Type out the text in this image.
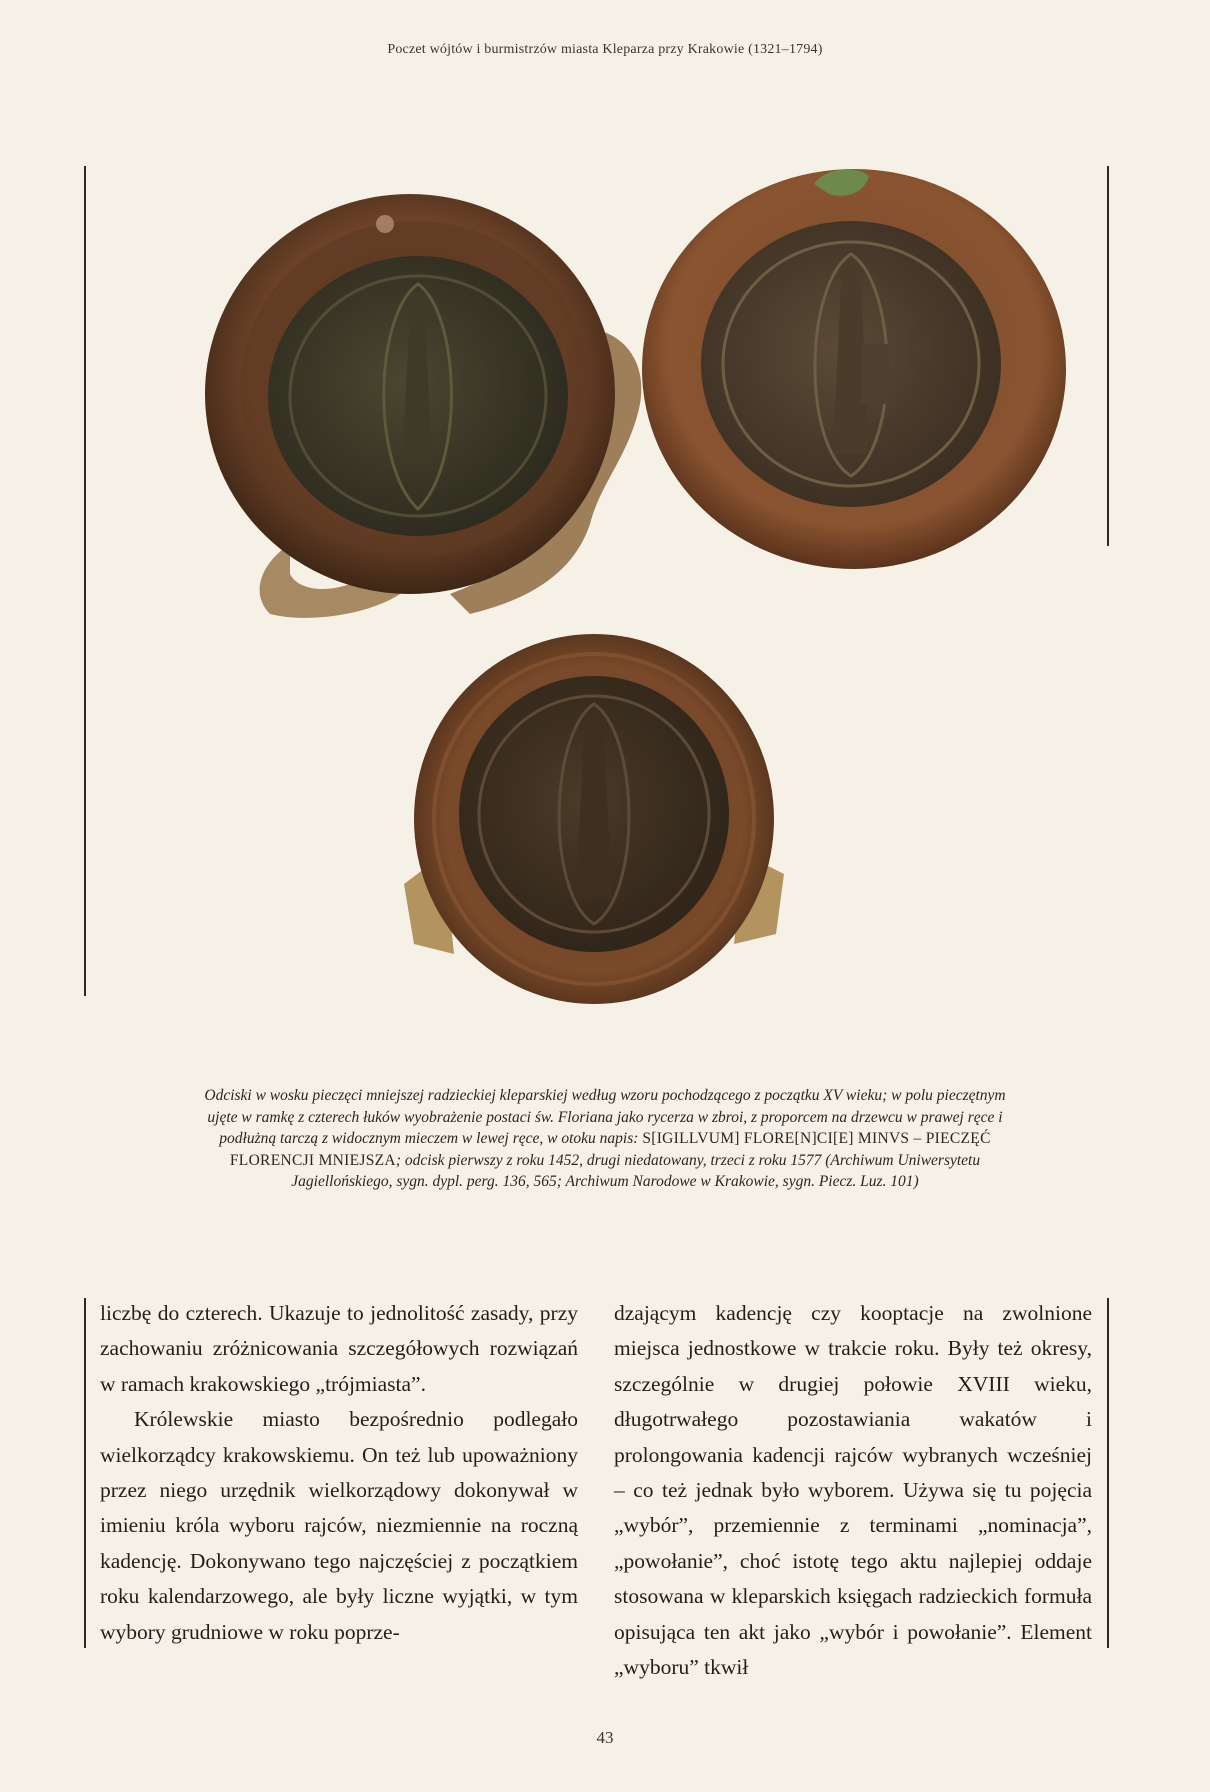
Poczet wójtów i burmistrzów miasta Kleparza przy Krakowie (1321–1794)
Odciski w wosku pieczęci mniejszej radzieckiej kleparskiej według wzoru pochodzącego z początku XV wieku; w polu pieczętnym ujęte w ramkę z czterech łuków wyobrażenie postaci św. Floriana jako rycerza w zbroi, z proporcem na drzewcu w prawej ręce i podłużną tarczą z widocznym mieczem w lewej ręce, w otoku napis: S[IGILLVUM] FLORE[N]CI[E] MINVS – PIECZĘĆ FLORENCJI MNIEJSZA; odcisk pierwszy z roku 1452, drugi niedatowany, trzeci z roku 1577 (Archiwum Uniwersytetu Jagiellońskiego, sygn. dypl. perg. 136, 565; Archiwum Narodowe w Krakowie, sygn. Piecz. Luz. 101)

liczbę do czterech. Ukazuje to jednolitość zasady, przy zachowaniu zróżnicowania szczegółowych rozwiązań w ramach krakowskiego „trójmiasta”.

Królewskie miasto bezpośrednio podlegało wielkorządcy krakowskiemu. On też lub upoważniony przez niego urzędnik wielkorządowy dokonywał w imieniu króla wyboru rajców, niezmiennie na roczną kadencję. Dokonywano tego najczęściej z początkiem roku kalendarzowego, ale były liczne wyjątki, w tym wybory grudniowe w roku poprze-

dzającym kadencję czy kooptacje na zwolnione miejsca jednostkowe w trakcie roku. Były też okresy, szczególnie w drugiej połowie XVIII wieku, długotrwałego pozostawiania wakatów i prolongowania kadencji rajców wybranych wcześniej – co też jednak było wyborem. Używa się tu pojęcia „wybór”, przemiennie z terminami „nominacja”, „powołanie”, choć istotę tego aktu najlepiej oddaje stosowana w kleparskich księgach radzieckich formuła opisująca ten akt jako „wybór i powołanie”. Element „wyboru” tkwił

43
